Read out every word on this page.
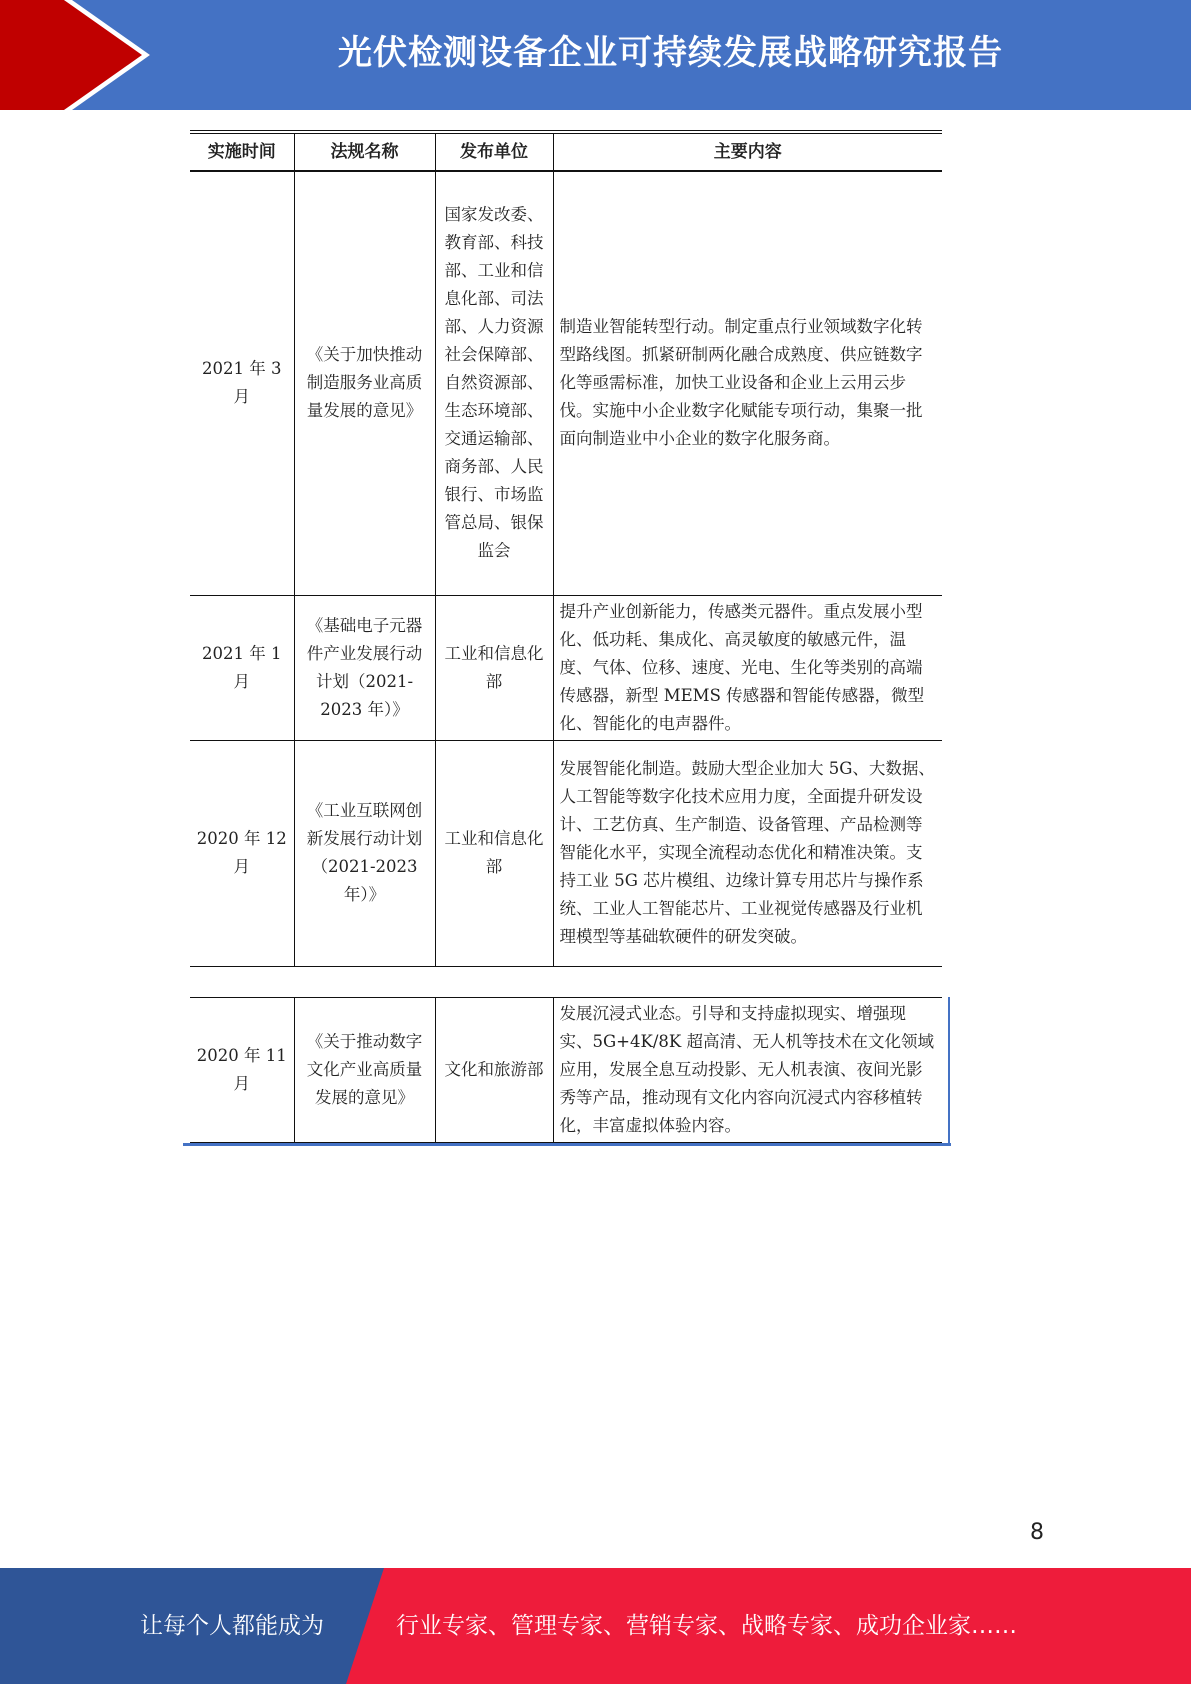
光伏检测设备企业可持续发展战略研究报告
实施时间	法规名称	发布单位	主要内容
2021 年 3 月	《关于加快推动制造服务业高质量发展的意见》	国家发改委、教育部、科技部、工业和信息化部、司法部、人力资源社会保障部、自然资源部、生态环境部、交通运输部、商务部、人民银行、市场监管总局、银保监会	制造业智能转型行动。制定重点行业领域数字化转型路线图。抓紧研制两化融合成熟度、供应链数字化等亟需标准，加快工业设备和企业上云用云步伐。实施中小企业数字化赋能专项行动，集聚一批面向制造业中小企业的数字化服务商。
2021 年 1 月	《基础电子元器件产业发展行动计划（2021-2023 年）》	工业和信息化部	提升产业创新能力，传感类元器件。重点发展小型化、低功耗、集成化、高灵敏度的敏感元件，温度、气体、位移、速度、光电、生化等类别的高端传感器，新型 MEMS 传感器和智能传感器，微型化、智能化的电声器件。
2020 年 12 月	《工业互联网创新发展行动计划（2021-2023 年）》	工业和信息化部	发展智能化制造。鼓励大型企业加大 5G、大数据、人工智能等数字化技术应用力度，全面提升研发设计、工艺仿真、生产制造、设备管理、产品检测等智能化水平，实现全流程动态优化和精准决策。支持工业 5G 芯片模组、边缘计算专用芯片与操作系统、工业人工智能芯片、工业视觉传感器及行业机理模型等基础软硬件的研发突破。
2020 年 11 月	《关于推动数字文化产业高质量发展的意见》	文化和旅游部	发展沉浸式业态。引导和支持虚拟现实、增强现实、5G+4K/8K 超高清、无人机等技术在文化领域应用，发展全息互动投影、无人机表演、夜间光影秀等产品，推动现有文化内容向沉浸式内容移植转化，丰富虚拟体验内容。
8
让每个人都能成为	行业专家、管理专家、营销专家、战略专家、成功企业家……
